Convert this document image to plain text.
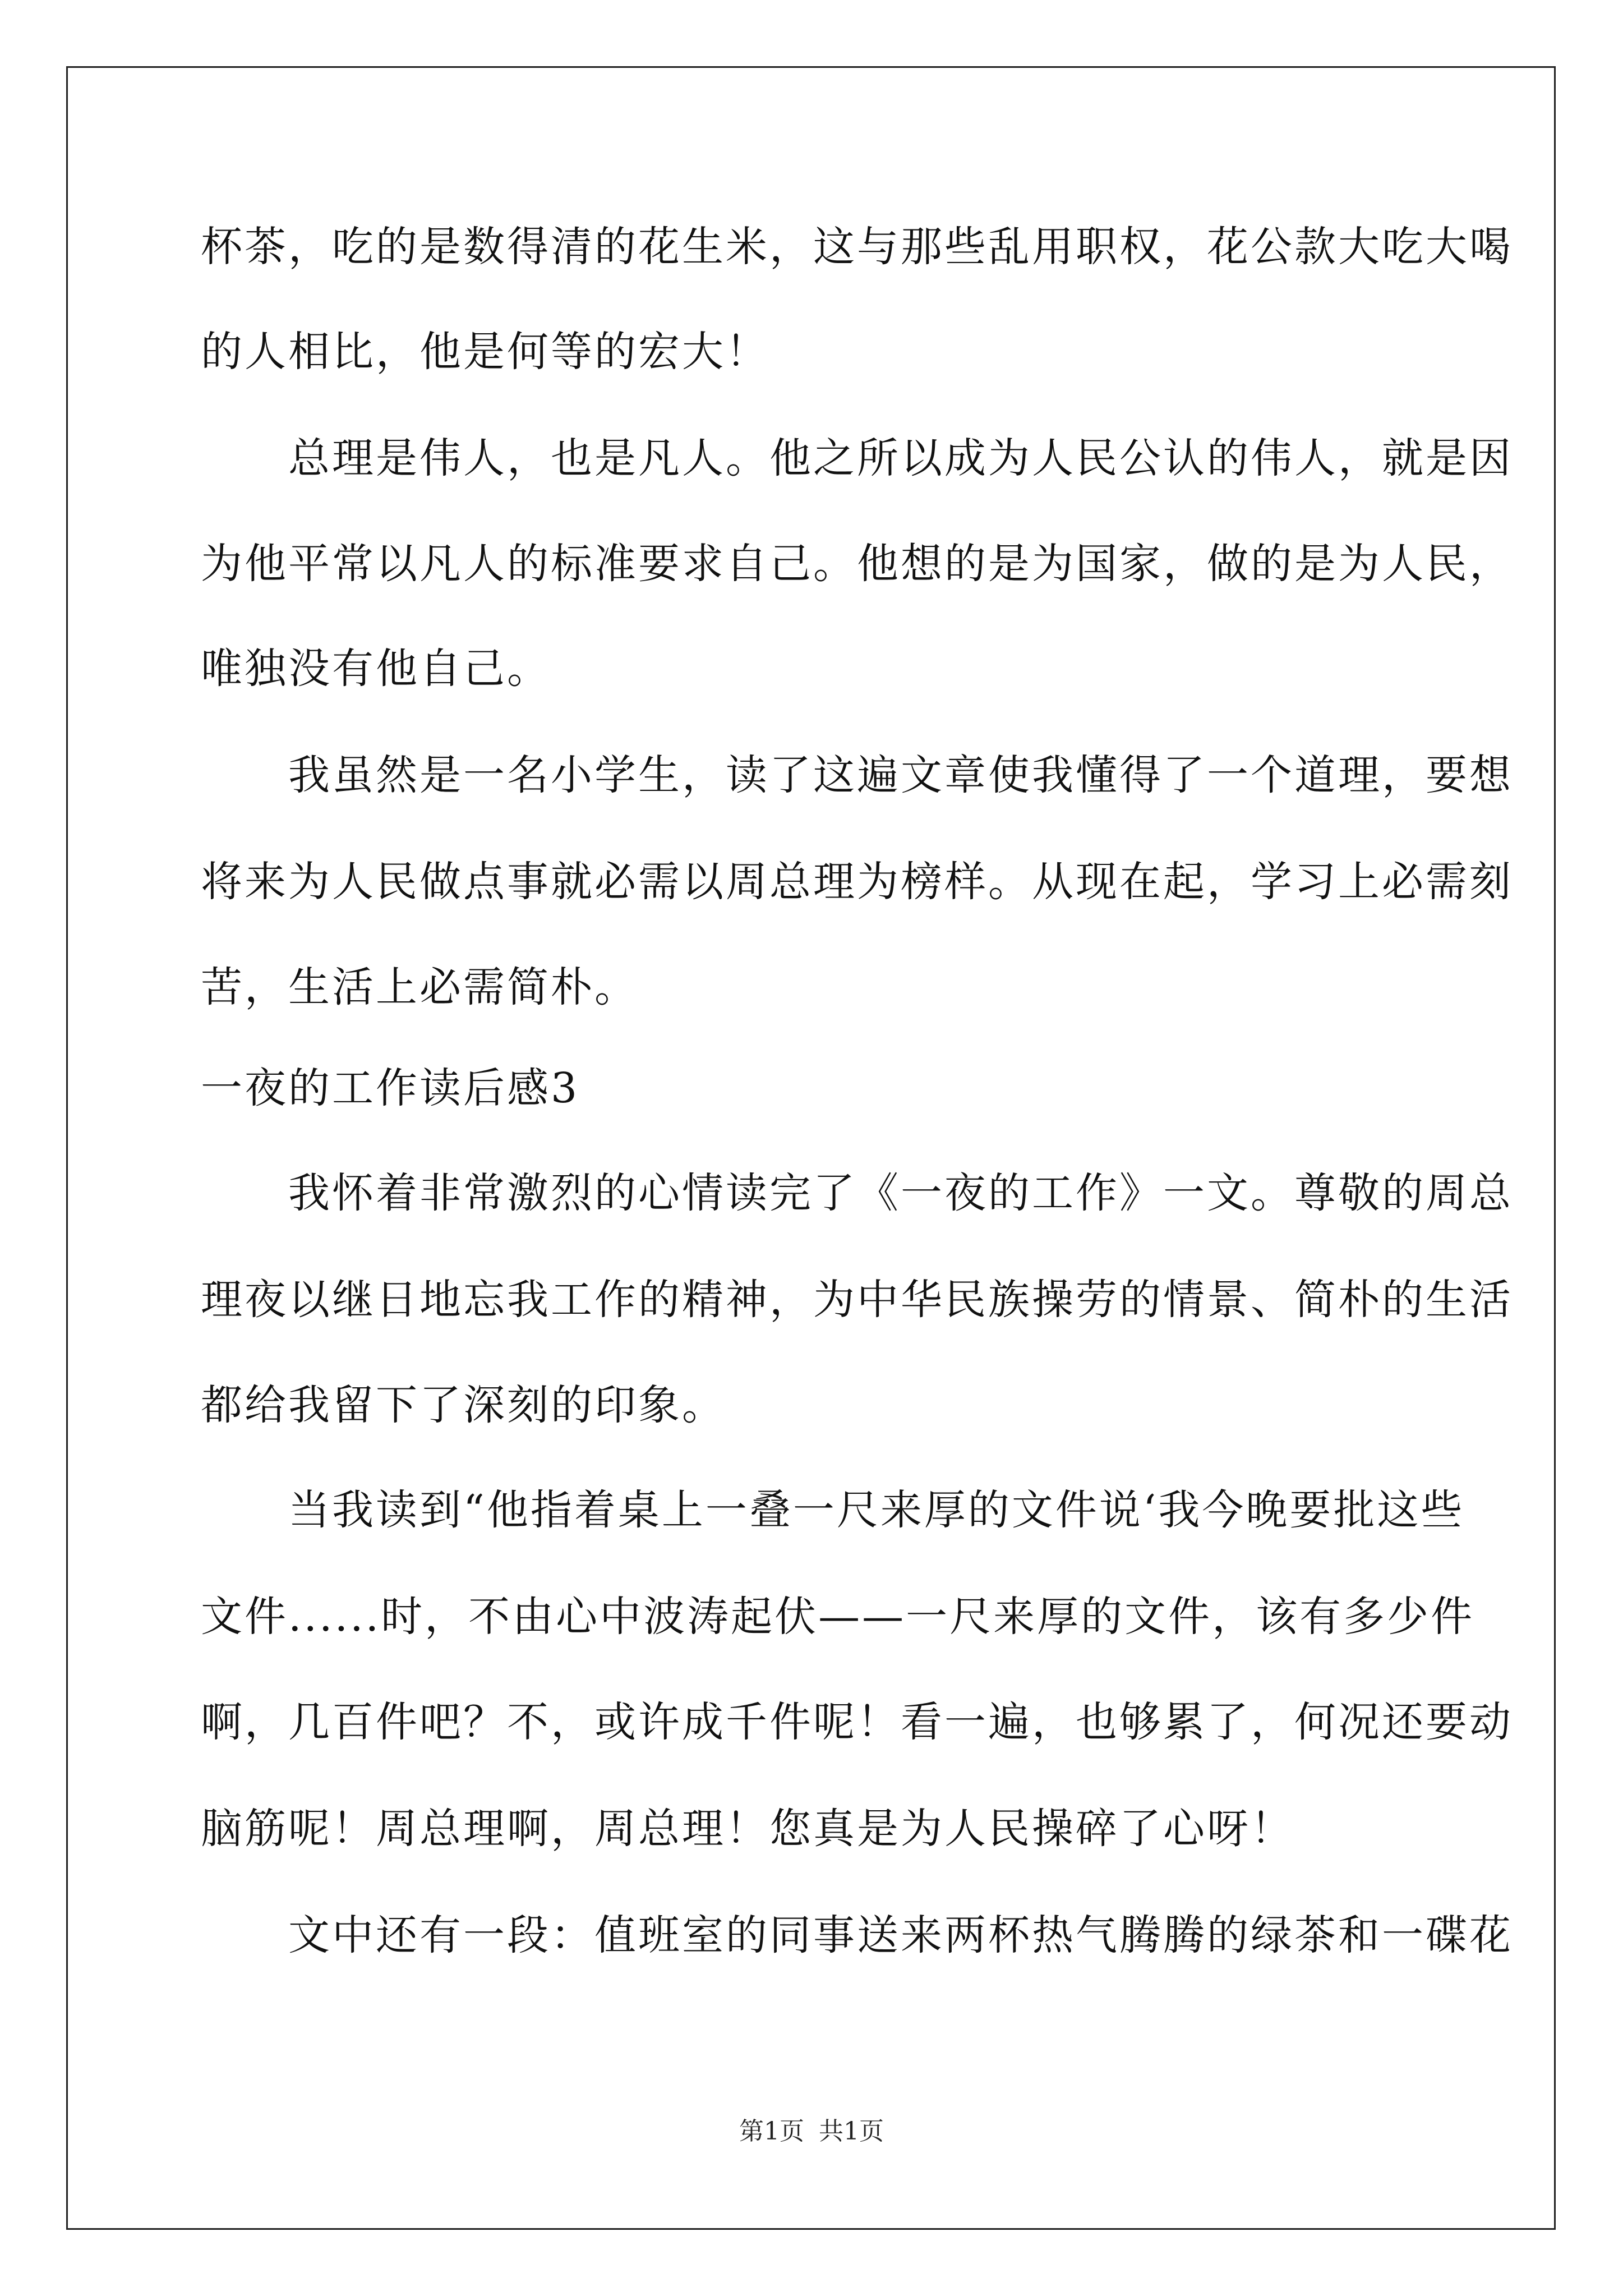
杯茶，吃的是数得清的花生米，这与那些乱用职权，花公款大吃大喝
的人相比，他是何等的宏大！
　　总理是伟人，也是凡人。他之所以成为人民公认的伟人，就是因
为他平常以凡人的标准要求自己。他想的是为国家，做的是为人民，
唯独没有他自己。
　　我虽然是一名小学生，读了这遍文章使我懂得了一个道理，要想
将来为人民做点事就必需以周总理为榜样。从现在起，学习上必需刻
苦，生活上必需简朴。
一夜的工作读后感3
　　我怀着非常激烈的心情读完了《一夜的工作》一文。尊敬的周总
理夜以继日地忘我工作的精神，为中华民族操劳的情景、简朴的生活
都给我留下了深刻的印象。
　　当我读到“他指着桌上一叠一尺来厚的文件说‘我今晚要批这些
文件......时，不由心中波涛起伏——一尺来厚的文件，该有多少件
啊，几百件吧？不，或许成千件呢！看一遍，也够累了，何况还要动
脑筋呢！周总理啊，周总理！您真是为人民操碎了心呀！
　　文中还有一段：值班室的同事送来两杯热气腾腾的绿茶和一碟花
第1页 共1页
